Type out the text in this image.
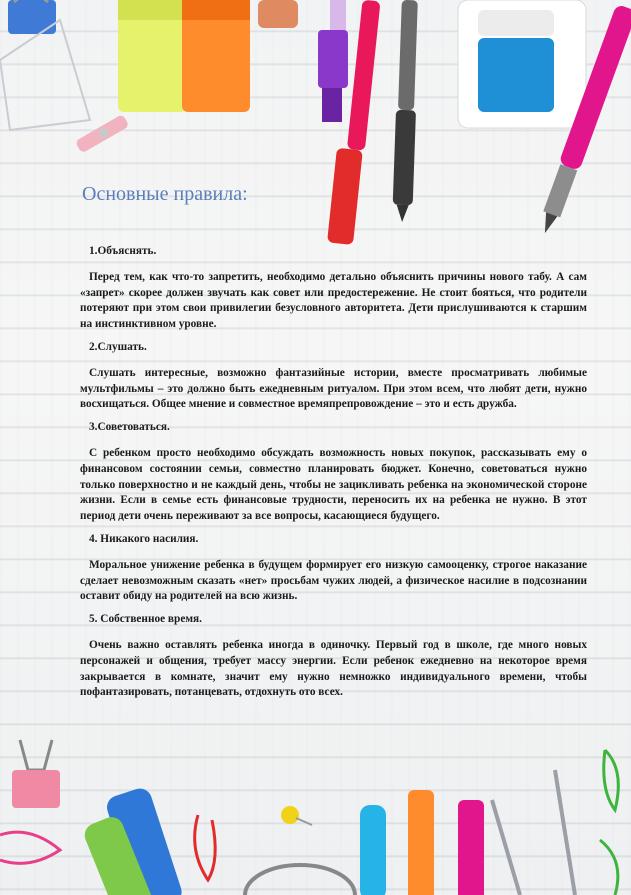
Основные правила:
1.Объяснять.

Перед тем, как что-то запретить, необходимо детально объяснить причины нового табу. А сам «запрет» скорее должен звучать как совет или предостережение. Не стоит бояться, что родители потеряют при этом свои привилегии безусловного авторитета. Дети прислушиваются к старшим на инстинктивном уровне.

2.Слушать.

Слушать интересные, возможно фантазийные истории, вместе просматривать любимые мультфильмы – это должно быть ежедневным ритуалом. При этом всем, что любят дети, нужно восхищаться. Общее мнение и совместное времяпрепровождение – это и есть дружба.

3.Советоваться.

С ребенком просто необходимо обсуждать возможность новых покупок, рассказывать ему о финансовом состоянии семьи, совместно планировать бюджет. Конечно, советоваться нужно только поверхностно и не каждый день, чтобы не зацикливать ребенка на экономической стороне жизни. Если в семье есть финансовые трудности, переносить их на ребенка не нужно. В этот период дети очень переживают за все вопросы, касающиеся будущего.

4. Никакого насилия.

Моральное унижение ребенка в будущем формирует его низкую самооценку, строгое наказание сделает невозможным сказать «нет» просьбам чужих людей, а физическое насилие в подсознании оставит обиду на родителей на всю жизнь.

5. Собственное время.

Очень важно оставлять ребенка иногда в одиночку. Первый год в школе, где много новых персонажей и общения, требует массу энергии. Если ребенок ежедневно на некоторое время закрывается в комнате, значит ему нужно немножко индивидуального времени, чтобы пофантазировать, потанцевать, отдохнуть ото всех.
